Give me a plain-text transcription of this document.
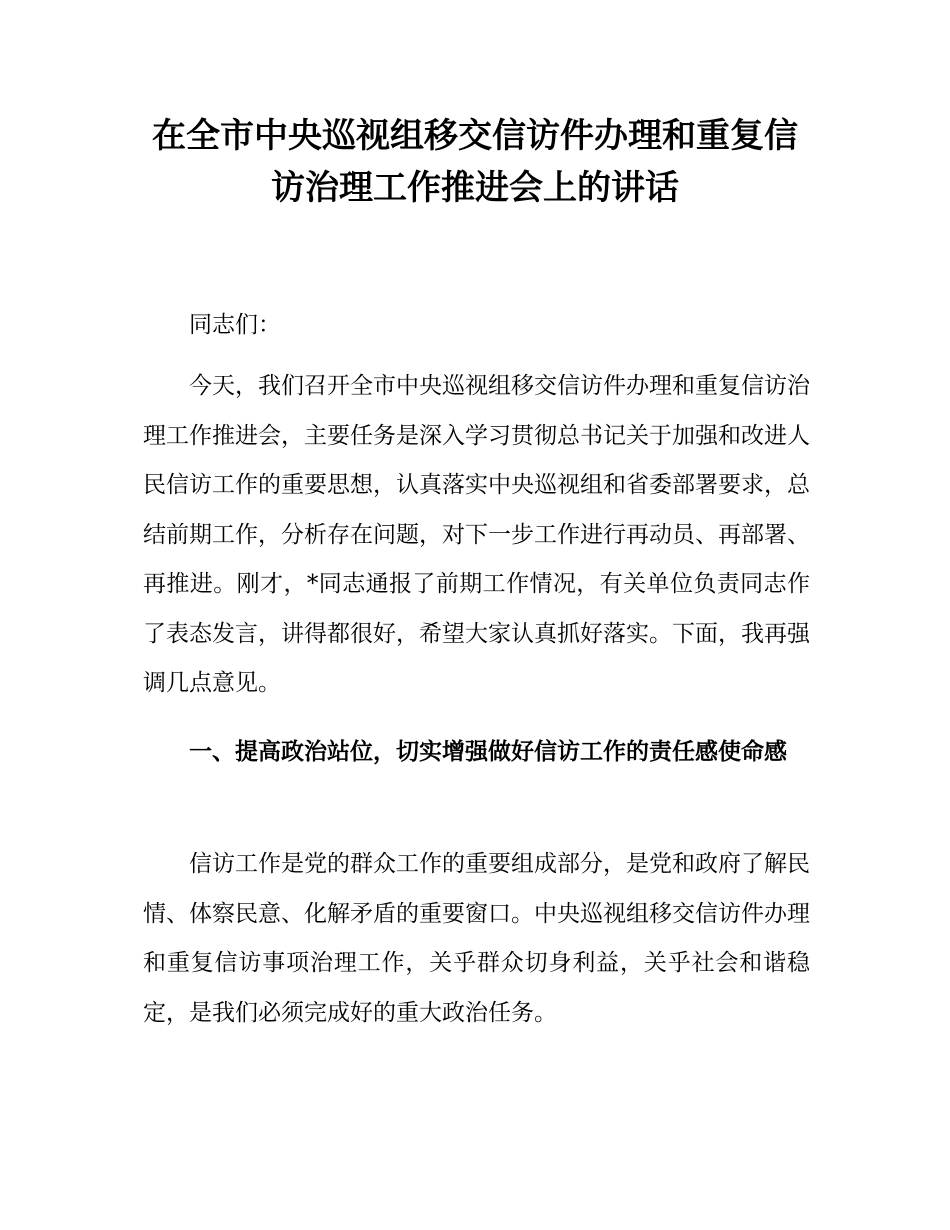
在全市中央巡视组移交信访件办理和重复信
访治理工作推进会上的讲话

同志们：

今天，我们召开全市中央巡视组移交信访件办理和重复信访治理工作推进会，主要任务是深入学习贯彻总书记关于加强和改进人民信访工作的重要思想，认真落实中央巡视组和省委部署要求，总结前期工作，分析存在问题，对下一步工作进行再动员、再部署、再推进。刚才，*同志通报了前期工作情况，有关单位负责同志作了表态发言，讲得都很好，希望大家认真抓好落实。下面，我再强调几点意见。

一、提高政治站位，切实增强做好信访工作的责任感使命感

信访工作是党的群众工作的重要组成部分，是党和政府了解民情、体察民意、化解矛盾的重要窗口。中央巡视组移交信访件办理和重复信访事项治理工作，关乎群众切身利益，关乎社会和谐稳定，是我们必须完成好的重大政治任务。
